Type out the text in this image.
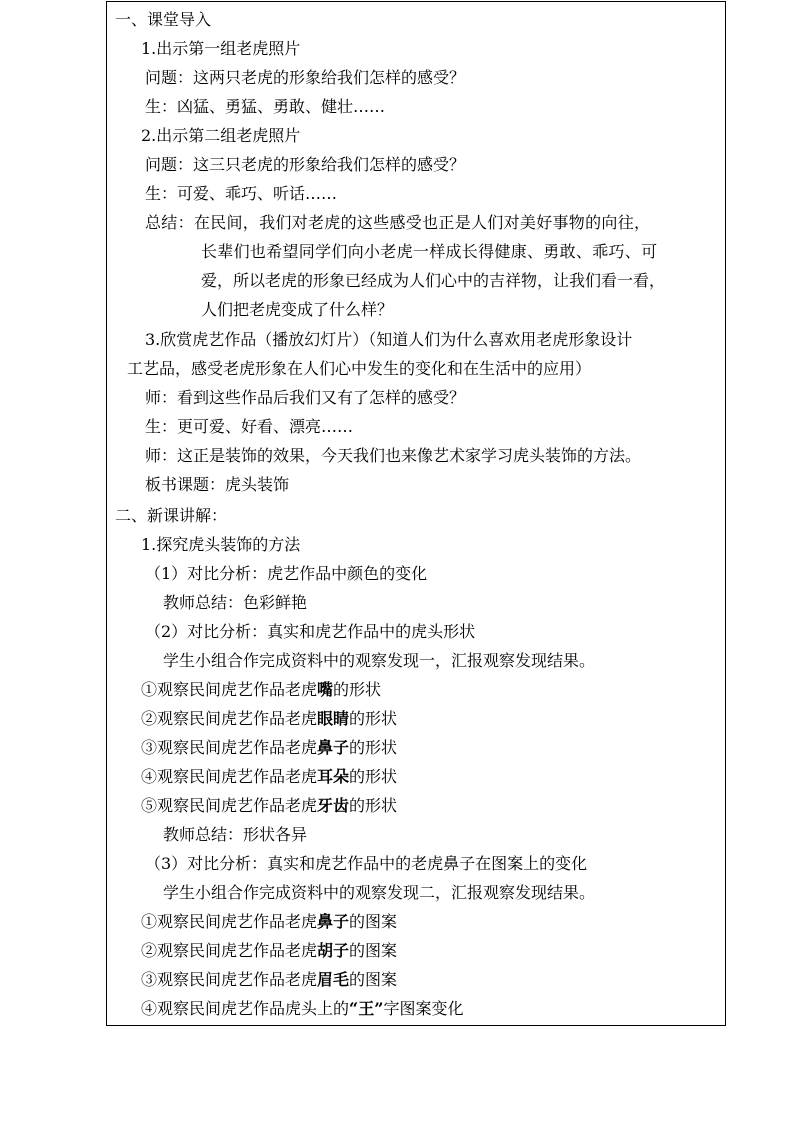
一、课堂导入
1.出示第一组老虎照片
问题：这两只老虎的形象给我们怎样的感受？
生：凶猛、勇猛、勇敢、健壮……
2.出示第二组老虎照片
问题：这三只老虎的形象给我们怎样的感受？
生：可爱、乖巧、听话……
总结：在民间，我们对老虎的这些感受也正是人们对美好事物的向往，
长辈们也希望同学们向小老虎一样成长得健康、勇敢、乖巧、可
爱，所以老虎的形象已经成为人们心中的吉祥物，让我们看一看，
人们把老虎变成了什么样？
3.欣赏虎艺作品（播放幻灯片）（知道人们为什么喜欢用老虎形象设计
工艺品，感受老虎形象在人们心中发生的变化和在生活中的应用）
师：看到这些作品后我们又有了怎样的感受？
生：更可爱、好看、漂亮……
师：这正是装饰的效果，今天我们也来像艺术家学习虎头装饰的方法。
板书课题：虎头装饰
二、新课讲解：
1.探究虎头装饰的方法
（1）对比分析：虎艺作品中颜色的变化
教师总结：色彩鲜艳
（2）对比分析：真实和虎艺作品中的虎头形状
学生小组合作完成资料中的观察发现一，汇报观察发现结果。
①观察民间虎艺作品老虎嘴的形状
②观察民间虎艺作品老虎眼睛的形状
③观察民间虎艺作品老虎鼻子的形状
④观察民间虎艺作品老虎耳朵的形状
⑤观察民间虎艺作品老虎牙齿的形状
教师总结：形状各异
（3）对比分析：真实和虎艺作品中的老虎鼻子在图案上的变化
学生小组合作完成资料中的观察发现二，汇报观察发现结果。
①观察民间虎艺作品老虎鼻子的图案
②观察民间虎艺作品老虎胡子的图案
③观察民间虎艺作品老虎眉毛的图案
④观察民间虎艺作品虎头上的“王”字图案变化
